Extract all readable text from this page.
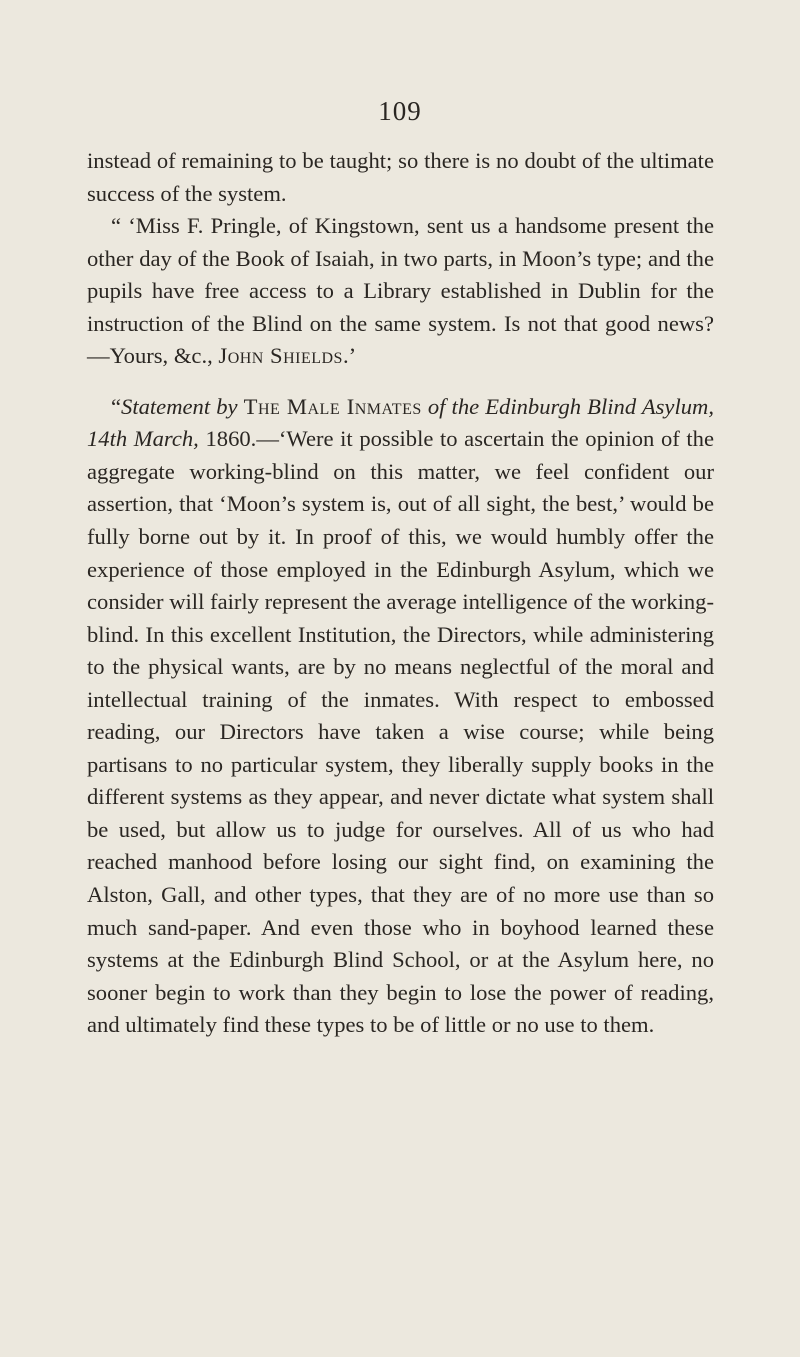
109

instead of remaining to be taught; so there is no doubt of the ultimate success of the system.

“ ‘Miss F. Pringle, of Kingstown, sent us a handsome present the other day of the Book of Isaiah, in two parts, in Moon’s type; and the pupils have free access to a Library established in Dublin for the instruction of the Blind on the same system. Is not that good news? —Yours, &c., John Shields.’

“Statement by The Male Inmates of the Edinburgh Blind Asylum, 14th March, 1860.—‘Were it possible to ascertain the opinion of the aggregate working-blind on this matter, we feel confident our assertion, that ‘Moon’s system is, out of all sight, the best,’ would be fully borne out by it. In proof of this, we would humbly offer the experience of those employed in the Edinburgh Asylum, which we consider will fairly represent the average intelligence of the working-blind. In this excellent Institution, the Directors, while administering to the physical wants, are by no means neglectful of the moral and intellectual training of the inmates. With respect to embossed reading, our Directors have taken a wise course; while being partisans to no particular system, they liberally supply books in the different systems as they appear, and never dictate what system shall be used, but allow us to judge for ourselves. All of us who had reached manhood before losing our sight find, on examining the Alston, Gall, and other types, that they are of no more use than so much sand-paper. And even those who in boyhood learned these systems at the Edinburgh Blind School, or at the Asylum here, no sooner begin to work than they begin to lose the power of reading, and ultimately find these types to be of little or no use to them.
